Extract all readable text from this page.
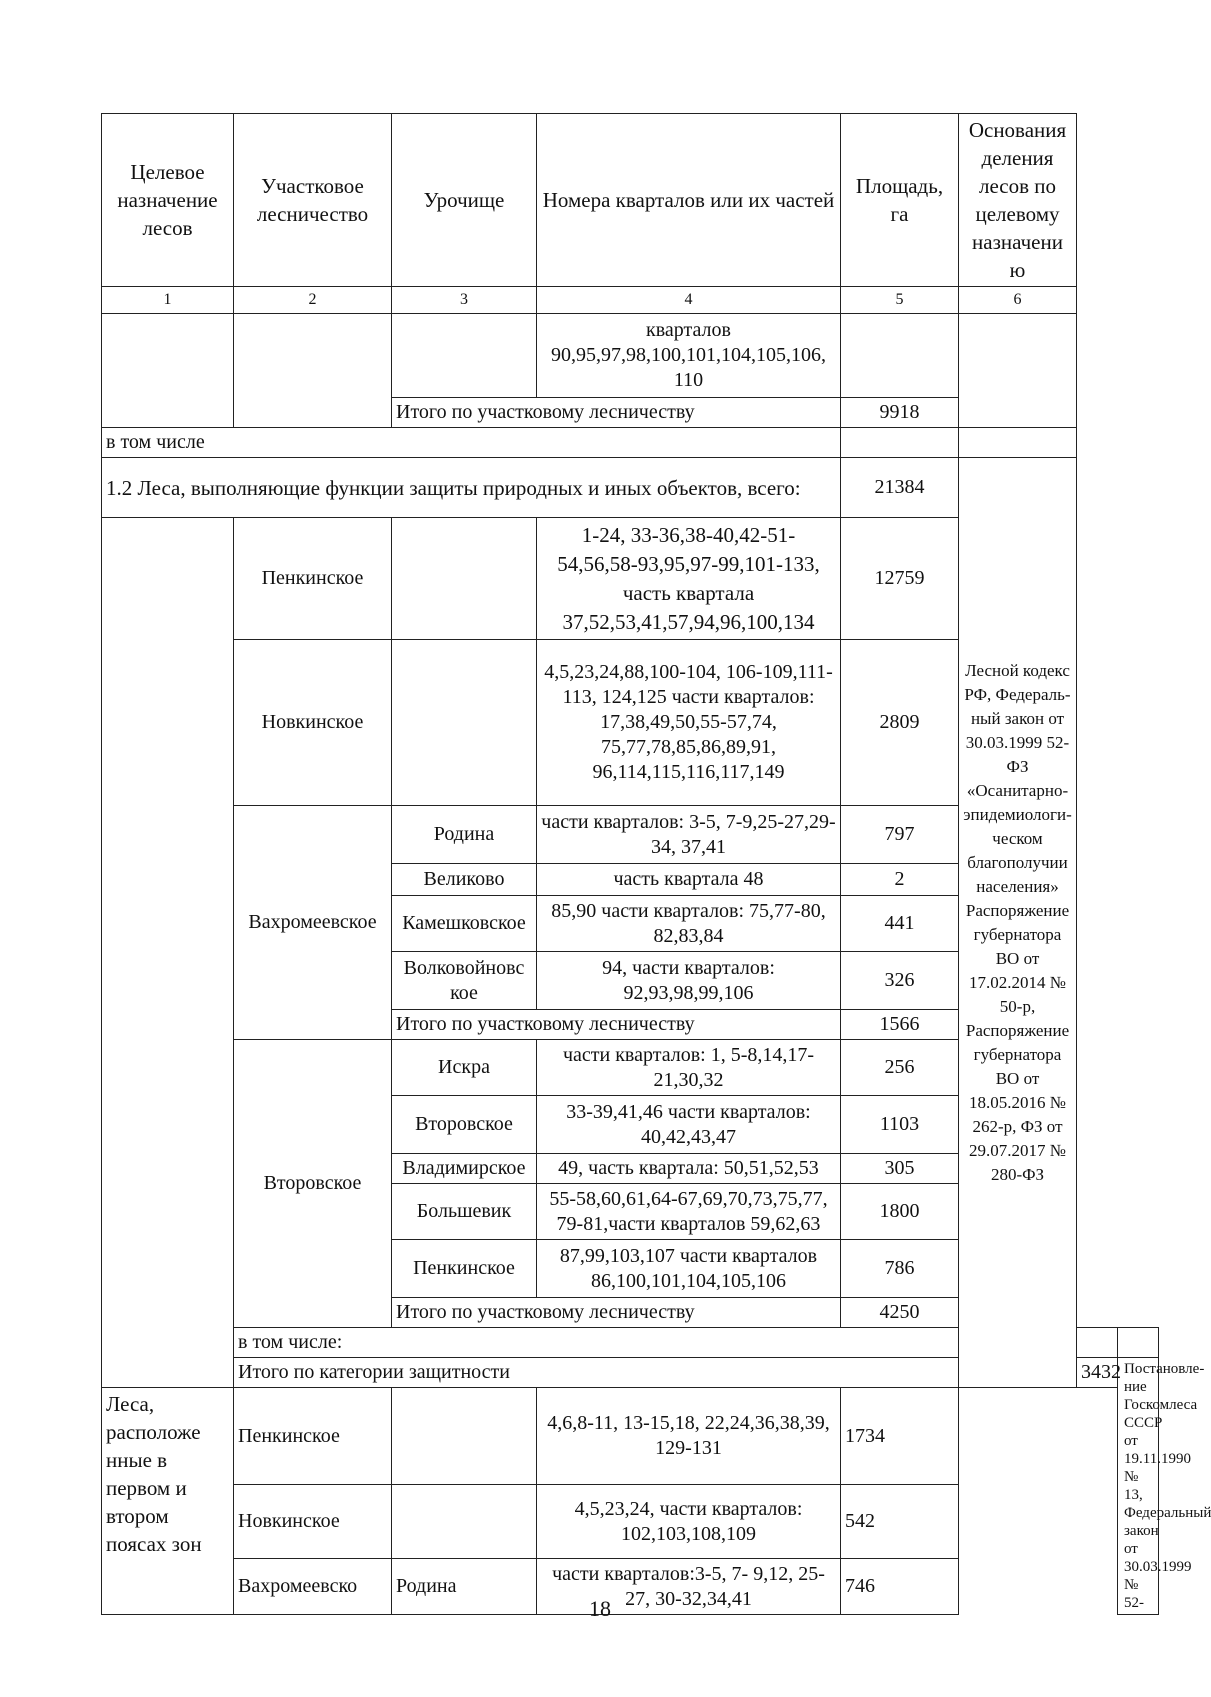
Целевое назначение лесов	Участковое лесничество	Урочище	Номера кварталов или их частей	Площадь, га	Основания деления лесов по целевому назначени ю		
1	2	3	4	5	6		
			кварталов 90,95,97,98,100,101,104,105,106, 110				
		Итого по участковому лесничеству		9918			
в том числе							
1.2 Леса, выполняющие функции защиты природных и иных объектов, всего:				21384	Лесной кодекс РФ, Федераль- ный закон от 30.03.1999 52-ФЗ «Осанитарно- эпидемиологи- ческом благополучии населения» Распоряжение губернатора ВО от 17.02.2014 № 50-р, Распоряжение губернатора ВО от 18.05.2016 № 262-р, ФЗ от 29.07.2017 № 280-ФЗ		
	Пенкинское		1-24, 33-36,38-40,42-51- 54,56,58-93,95,97-99,101-133, часть квартала 37,52,53,41,57,94,96,100,134	12759			
	Новкинское		4,5,23,24,88,100-104, 106-109,111-113, 124,125 части кварталов: 17,38,49,50,55-57,74, 75,77,78,85,86,89,91, 96,114,115,116,117,149	2809			
	Вахромеевское	Родина	части кварталов: 3-5, 7-9,25-27,29-34, 37,41	797			
		Великово	часть квартала 48	2			
		Камешковское	85,90 части кварталов: 75,77-80, 82,83,84	441			
		Волковойновс кое	94, части кварталов: 92,93,98,99,106	326			
		Итого по участковому лесничеству		1566			
	Второвское	Искра	части кварталов: 1, 5-8,14,17- 21,30,32	256			
		Второвское	33-39,41,46 части кварталов: 40,42,43,47	1103			
		Владимирское	49, часть квартала: 50,51,52,53	305			
		Большевик	55-58,60,61,64-67,69,70,73,75,77, 79-81,части кварталов 59,62,63	1800			
		Пенкинское	87,99,103,107 части кварталов 86,100,101,104,105,106	786			
		Итого по участковому лесничеству		4250			
	в том числе:						
	Итого по категории защитности					3432	Постановле- ние Госкомлеса СССР от 19.11.1990 № 13, Федеральный закон от 30.03.1999 № 52-
Леса, расположе нные в первом и втором поясах зон	Пенкинское		4,6,8-11, 13-15,18, 22,24,36,38,39, 129-131	1734			
	Новкинское		4,5,23,24, части кварталов: 102,103,108,109	542			
	Вахромеевско	Родина	части кварталов:3-5, 7- 9,12, 25-27, 30-32,34,41	746			
18
